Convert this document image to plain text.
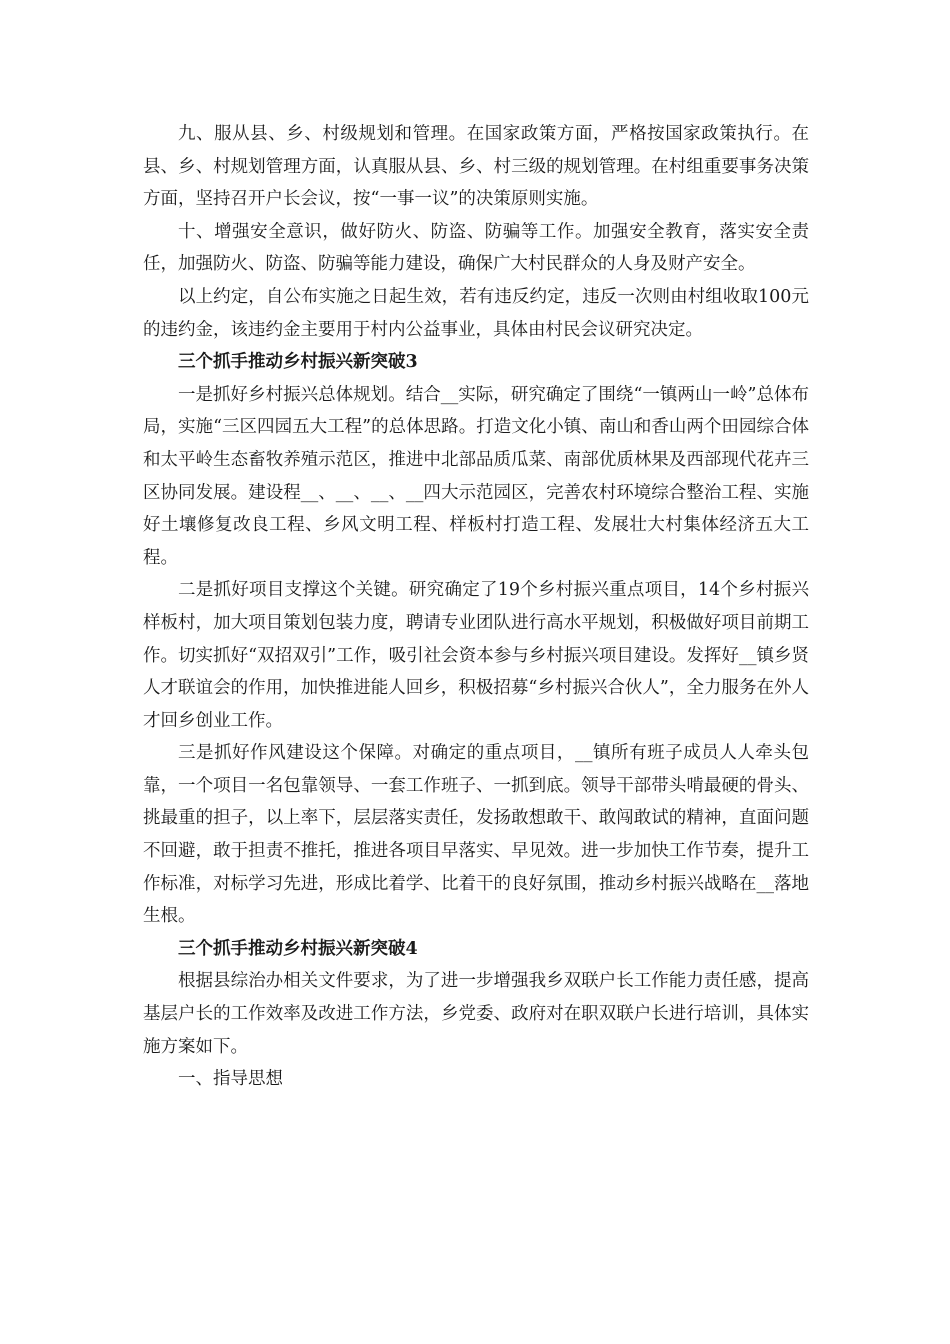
九、服从县、乡、村级规划和管理。在国家政策方面，严格按国家政策执行。在县、乡、村规划管理方面，认真服从县、乡、村三级的规划管理。在村组重要事务决策方面，坚持召开户长会议，按“一事一议”的决策原则实施。

十、增强安全意识，做好防火、防盗、防骗等工作。加强安全教育，落实安全责任，加强防火、防盗、防骗等能力建设，确保广大村民群众的人身及财产安全。

以上约定，自公布实施之日起生效，若有违反约定，违反一次则由村组收取100元的违约金，该违约金主要用于村内公益事业，具体由村民会议研究决定。

三个抓手推动乡村振兴新突破3

一是抓好乡村振兴总体规划。结合__实际，研究确定了围绕“一镇两山一岭”总体布局，实施“三区四园五大工程”的总体思路。打造文化小镇、南山和香山两个田园综合体和太平岭生态畜牧养殖示范区，推进中北部品质瓜菜、南部优质林果及西部现代花卉三区协同发展。建设程__、__、__、__四大示范园区，完善农村环境综合整治工程、实施好土壤修复改良工程、乡风文明工程、样板村打造工程、发展壮大村集体经济五大工程。

二是抓好项目支撑这个关键。研究确定了19个乡村振兴重点项目，14个乡村振兴样板村，加大项目策划包装力度，聘请专业团队进行高水平规划，积极做好项目前期工作。切实抓好“双招双引”工作，吸引社会资本参与乡村振兴项目建设。发挥好__镇乡贤人才联谊会的作用，加快推进能人回乡，积极招募“乡村振兴合伙人”，全力服务在外人才回乡创业工作。

三是抓好作风建设这个保障。对确定的重点项目，__镇所有班子成员人人牵头包靠，一个项目一名包靠领导、一套工作班子、一抓到底。领导干部带头啃最硬的骨头、挑最重的担子，以上率下，层层落实责任，发扬敢想敢干、敢闯敢试的精神，直面问题不回避，敢于担责不推托，推进各项目早落实、早见效。进一步加快工作节奏，提升工作标准，对标学习先进，形成比着学、比着干的良好氛围，推动乡村振兴战略在__落地生根。

三个抓手推动乡村振兴新突破4

根据县综治办相关文件要求，为了进一步增强我乡双联户长工作能力责任感，提高基层户长的工作效率及改进工作方法，乡党委、政府对在职双联户长进行培训，具体实施方案如下。

一、指导思想
